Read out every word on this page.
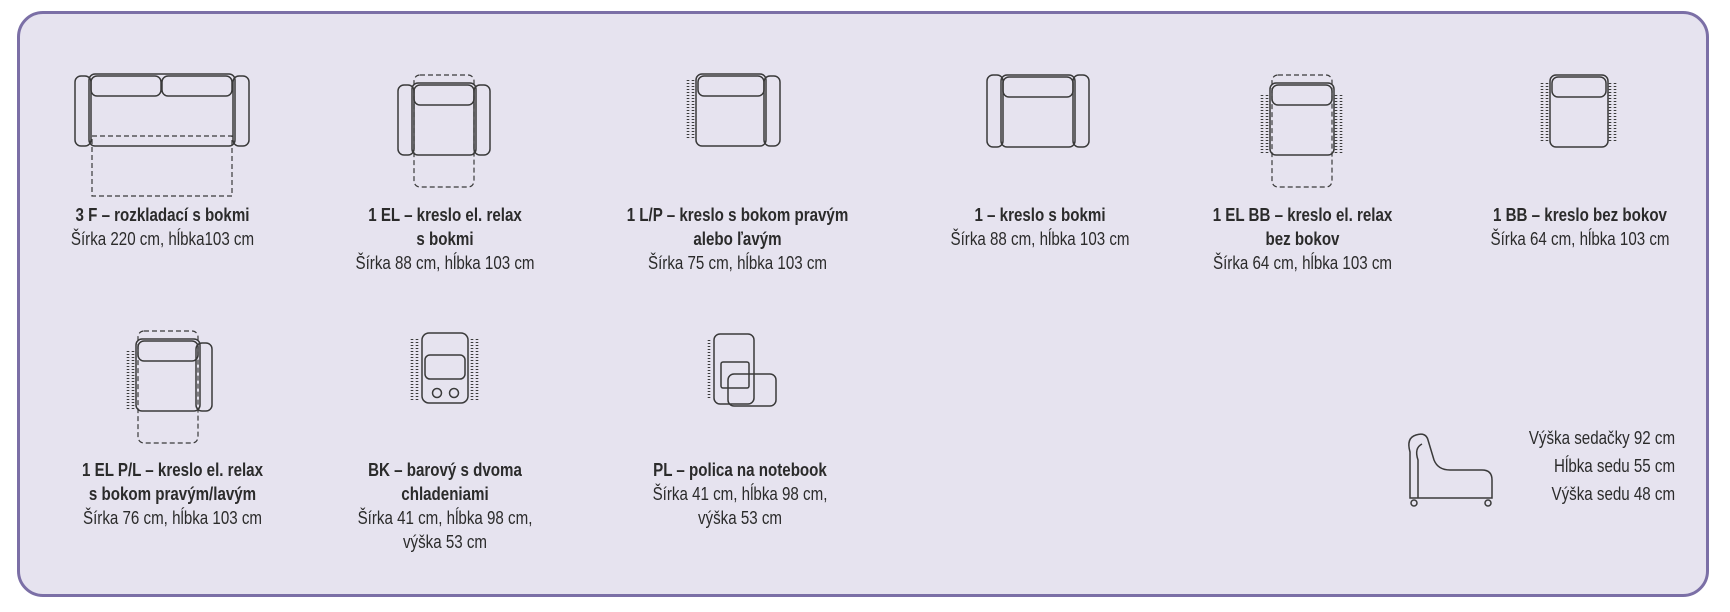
3 F – rozkladací s bokmi
Šírka 220 cm, hĺbka103 cm
1 EL – kreslo el. relax
s bokmi
Šírka 88 cm, hĺbka 103 cm
1 L/P – kreslo s bokom pravým
alebo ľavým
Šírka 75 cm, hĺbka 103 cm
1 – kreslo s bokmi
Šírka 88 cm, hĺbka 103 cm
1 EL BB – kreslo el. relax
bez bokov
Šírka 64 cm, hĺbka 103 cm
1 BB – kreslo bez bokov
Šírka 64 cm, hĺbka 103 cm
1 EL P/L – kreslo el. relax
s bokom pravým/lavým
Šírka 76 cm, hĺbka 103 cm
BK – barový s dvoma
chladeniami
Šírka 41 cm, hĺbka 98 cm,
výška 53 cm
PL – polica na notebook
Šírka 41 cm, hĺbka 98 cm,
výška 53 cm
Výška sedačky 92 cm
Hĺbka sedu 55 cm
Výška sedu 48 cm
